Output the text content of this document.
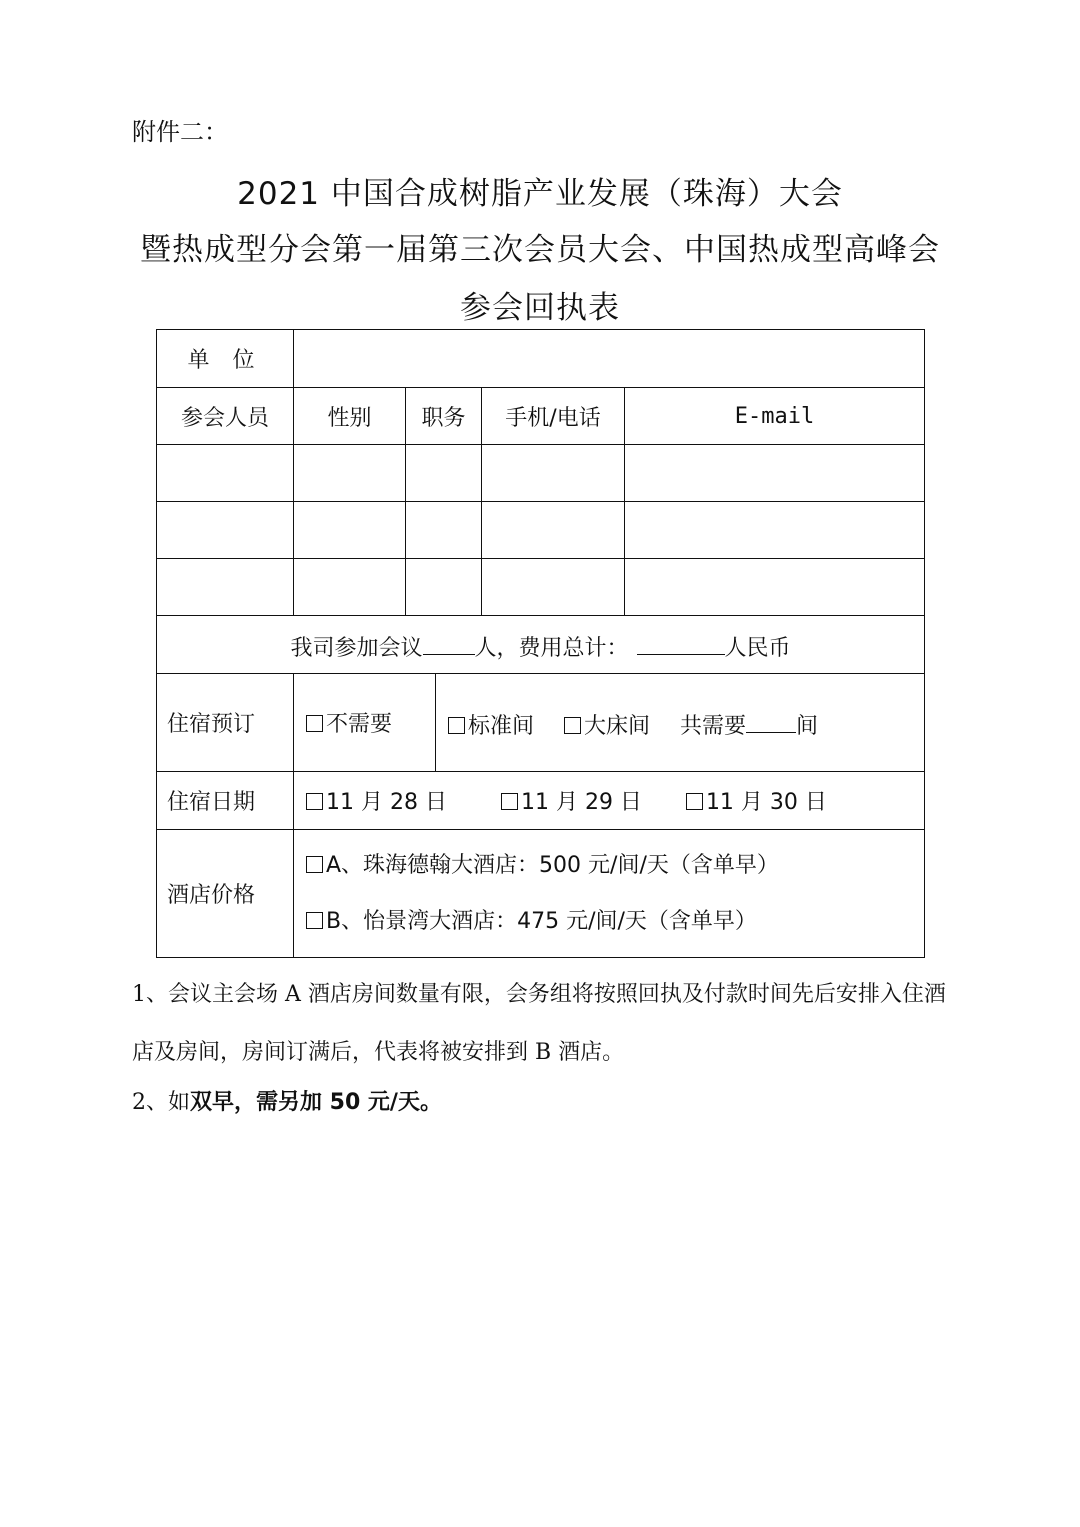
附件二：
2021 中国合成树脂产业发展（珠海）大会
暨热成型分会第一届第三次会员大会、中国热成型高峰会
参会回执表
单 位					
参会人员	性别	职务		手机/电话	E-mail

我司参加会议 人，费用总计： 人民币					
住宿预订	不需要		标准间 大床间 共需要 间		
住宿日期	11 月 28 日 11 月 29 日 11 月 30 日				
酒店价格	A、珠海德翰大酒店：500 元/间/天（含单早）
B、怡景湾大酒店：475 元/间/天（含单早）				
1、会议主会场 A 酒店房间数量有限，会务组将按照回执及付款时间先后安排入住酒店及房间，房间订满后，代表将被安排到 B 酒店。
2、如双早，需另加 50 元/天。
